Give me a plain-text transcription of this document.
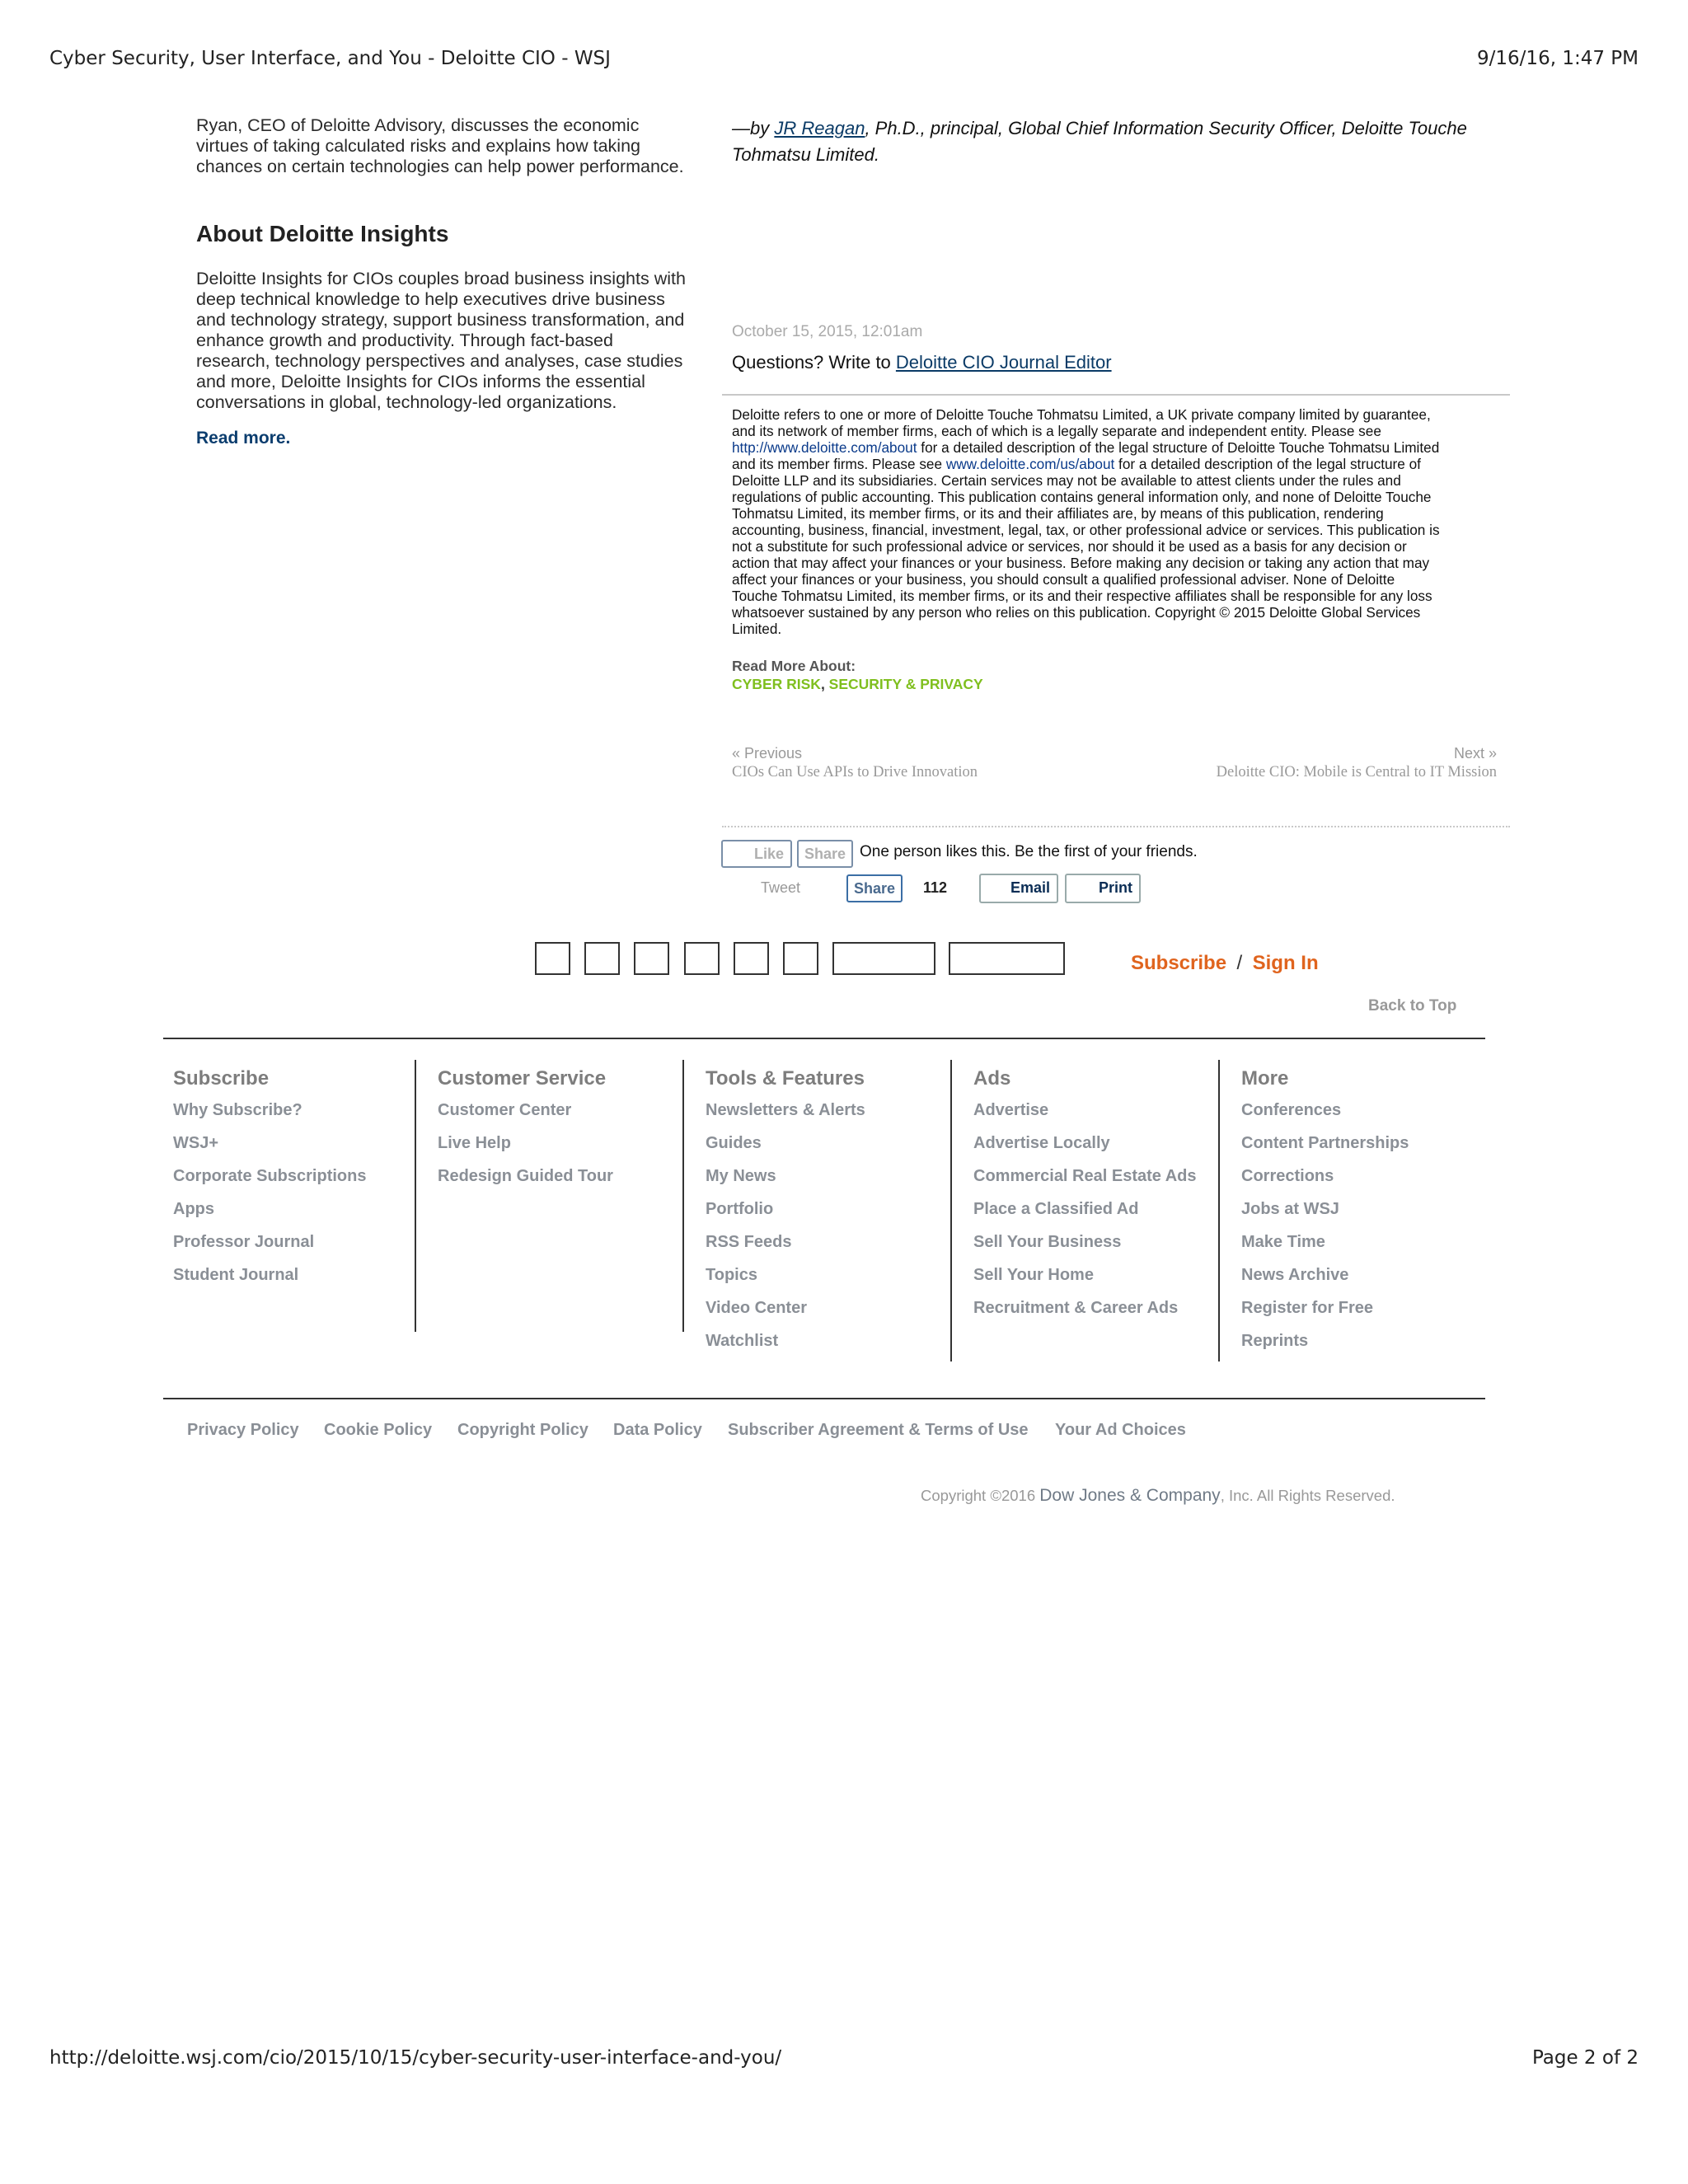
Cyber Security, User Interface, and You - Deloitte CIO - WSJ	9/16/16, 1:47 PM
Ryan, CEO of Deloitte Advisory, discusses the economic
virtues of taking calculated risks and explains how taking
chances on certain technologies can help power performance.
About Deloitte Insights
Deloitte Insights for CIOs couples broad business insights with
deep technical knowledge to help executives drive business
and technology strategy, support business transformation, and
enhance growth and productivity. Through fact-based
research, technology perspectives and analyses, case studies
and more, Deloitte Insights for CIOs informs the essential
conversations in global, technology-led organizations.
Read more.
—by JR Reagan, Ph.D., principal, Global Chief Information Security Officer, Deloitte Touche
Tohmatsu Limited.
October 15, 2015, 12:01am
Questions? Write to Deloitte CIO Journal Editor
Deloitte refers to one or more of Deloitte Touche Tohmatsu Limited, a UK private company limited by guarantee,
and its network of member firms, each of which is a legally separate and independent entity. Please see
http://www.deloitte.com/about for a detailed description of the legal structure of Deloitte Touche Tohmatsu Limited
and its member firms. Please see www.deloitte.com/us/about for a detailed description of the legal structure of
Deloitte LLP and its subsidiaries. Certain services may not be available to attest clients under the rules and
regulations of public accounting. This publication contains general information only, and none of Deloitte Touche
Tohmatsu Limited, its member firms, or its and their affiliates are, by means of this publication, rendering
accounting, business, financial, investment, legal, tax, or other professional advice or services. This publication is
not a substitute for such professional advice or services, nor should it be used as a basis for any decision or
action that may affect your finances or your business. Before making any decision or taking any action that may
affect your finances or your business, you should consult a qualified professional adviser. None of Deloitte
Touche Tohmatsu Limited, its member firms, or its and their respective affiliates shall be responsible for any loss
whatsoever sustained by any person who relies on this publication. Copyright © 2015 Deloitte Global Services
Limited.
Read More About:
CYBER RISK, SECURITY & PRIVACY
« Previous
CIOs Can Use APIs to Drive Innovation
Next »
Deloitte CIO: Mobile is Central to IT Mission
Like	Share One person likes this. Be the first of your friends.
Tweet	Share	112	Email	Print
Subscribe / Sign In
Back to Top
Subscribe
Why Subscribe?
WSJ+
Corporate Subscriptions
Apps
Professor Journal
Student Journal
Customer Service
Customer Center
Live Help
Redesign Guided Tour
Tools & Features
Newsletters & Alerts
Guides
My News
Portfolio
RSS Feeds
Topics
Video Center
Watchlist
Ads
Advertise
Advertise Locally
Commercial Real Estate Ads
Place a Classified Ad
Sell Your Business
Sell Your Home
Recruitment & Career Ads
More
Conferences
Content Partnerships
Corrections
Jobs at WSJ
Make Time
News Archive
Register for Free
Reprints
Privacy Policy Cookie Policy Copyright Policy Data Policy Subscriber Agreement & Terms of Use Your Ad Choices
Copyright ©2016 Dow Jones & Company, Inc. All Rights Reserved.
http://deloitte.wsj.com/cio/2015/10/15/cyber-security-user-interface-and-you/	Page 2 of 2
